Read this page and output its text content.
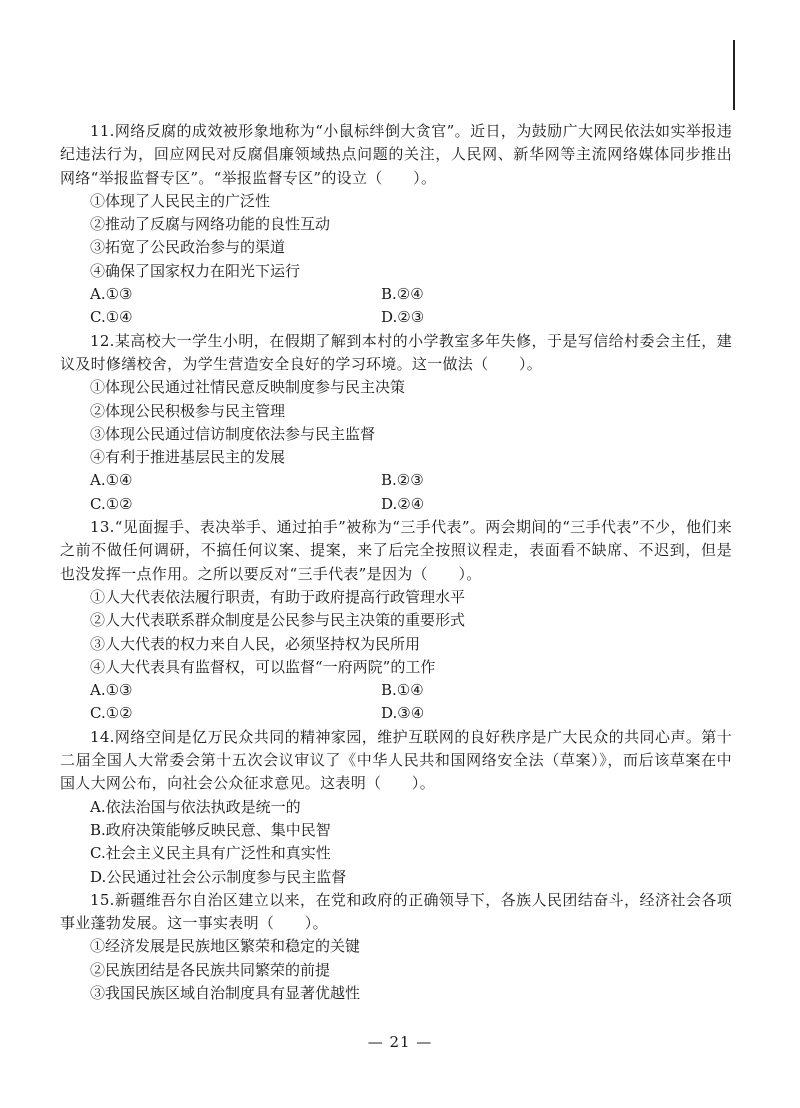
11.网络反腐的成效被形象地称为“小鼠标绊倒大贪官”。近日，为鼓励广大网民依法如实举报违纪违法行为，回应网民对反腐倡廉领域热点问题的关注，人民网、新华网等主流网络媒体同步推出网络“举报监督专区”。“举报监督专区”的设立（　　）。

①体现了人民民主的广泛性

②推动了反腐与网络功能的良性互动

③拓宽了公民政治参与的渠道

④确保了国家权力在阳光下运行

A.①③	B.②④
C.①④	D.②③

12.某高校大一学生小明，在假期了解到本村的小学教室多年失修，于是写信给村委会主任，建议及时修缮校舍，为学生营造安全良好的学习环境。这一做法（　　）。

①体现公民通过社情民意反映制度参与民主决策

②体现公民积极参与民主管理

③体现公民通过信访制度依法参与民主监督

④有利于推进基层民主的发展

A.①④	B.②③
C.①②	D.②④

13.“见面握手、表决举手、通过拍手”被称为“三手代表”。两会期间的“三手代表”不少，他们来之前不做任何调研，不搞任何议案、提案，来了后完全按照议程走，表面看不缺席、不迟到，但是也没发挥一点作用。之所以要反对“三手代表”是因为（　　）。

①人大代表依法履行职责，有助于政府提高行政管理水平

②人大代表联系群众制度是公民参与民主决策的重要形式

③人大代表的权力来自人民，必须坚持权为民所用

④人大代表具有监督权，可以监督“一府两院”的工作

A.①③	B.①④
C.①②	D.③④

14.网络空间是亿万民众共同的精神家园，维护互联网的良好秩序是广大民众的共同心声。第十二届全国人大常委会第十五次会议审议了《中华人民共和国网络安全法（草案）》，而后该草案在中国人大网公布，向社会公众征求意见。这表明（　　）。

A.依法治国与依法执政是统一的

B.政府决策能够反映民意、集中民智

C.社会主义民主具有广泛性和真实性

D.公民通过社会公示制度参与民主监督

15.新疆维吾尔自治区建立以来，在党和政府的正确领导下，各族人民团结奋斗，经济社会各项事业蓬勃发展。这一事实表明（　　）。

①经济发展是民族地区繁荣和稳定的关键

②民族团结是各民族共同繁荣的前提

③我国民族区域自治制度具有显著优越性

— 21 —
